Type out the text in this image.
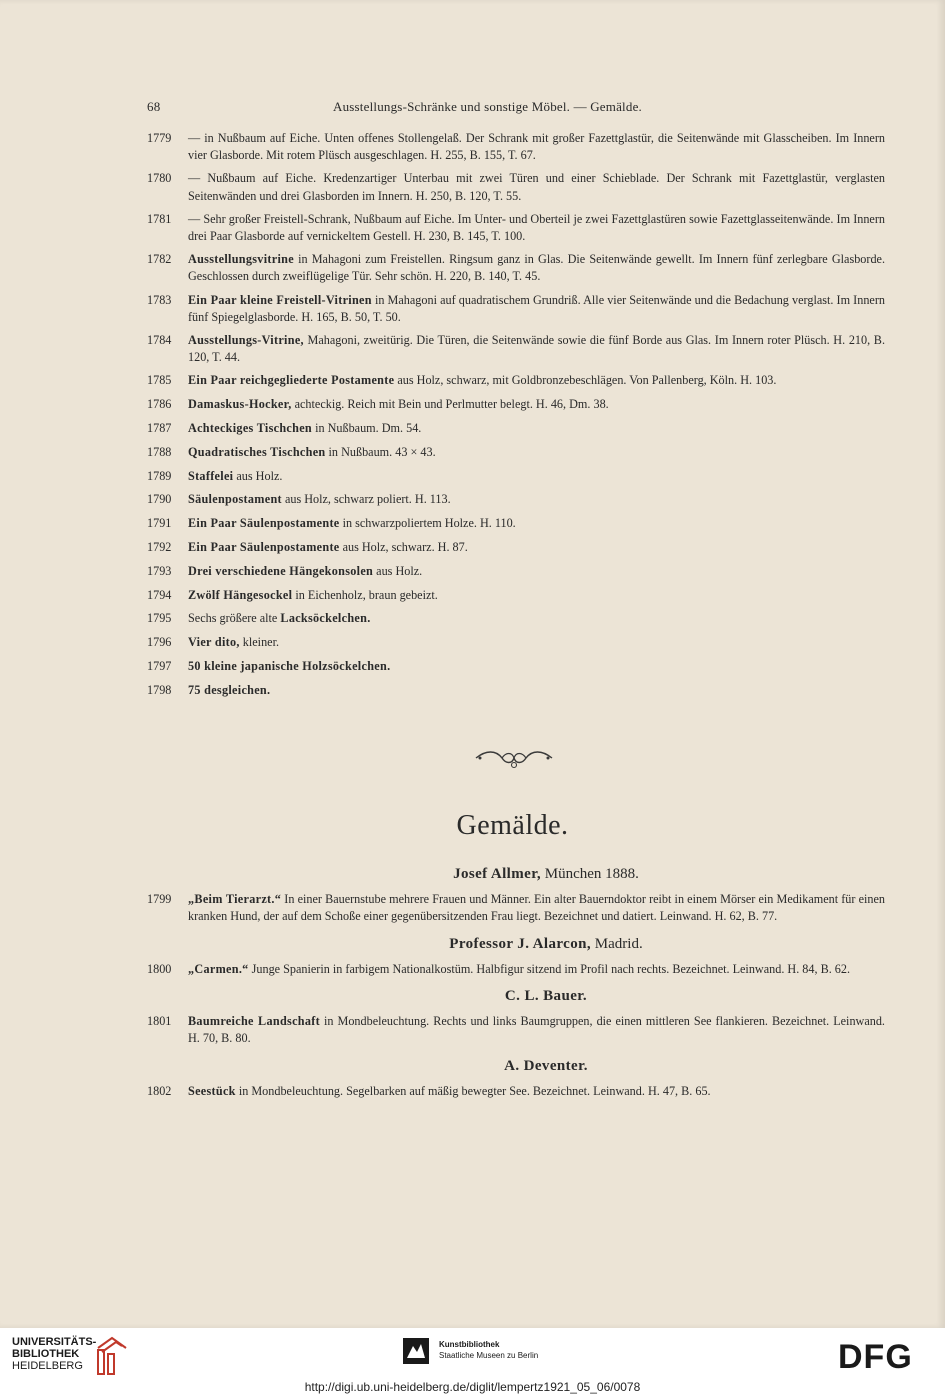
68	Ausstellungs-Schränke und sonstige Möbel. — Gemälde.
1779 — in Nußbaum auf Eiche. Unten offenes Stollengelaß. Der Schrank mit großer Fazettglastür, die Seitenwände mit Glasscheiben. Im Innern vier Glasborde. Mit rotem Plüsch ausgeschlagen. H. 255, B. 155, T. 67.
1780 — Nußbaum auf Eiche. Kredenzartiger Unterbau mit zwei Türen und einer Schieblade. Der Schrank mit Fazettglastür, verglasten Seitenwänden und drei Glasborden im Innern. H. 250, B. 120, T. 55.
1781 — Sehr großer Freistell-Schrank, Nußbaum auf Eiche. Im Unter- und Oberteil je zwei Fazettglastüren sowie Fazettglasseitenwände. Im Innern drei Paar Glasborde auf vernickeltem Gestell. H. 230, B. 145, T. 100.
1782 Ausstellungsvitrine in Mahagoni zum Freistellen. Ringsum ganz in Glas. Die Seitenwände gewellt. Im Innern fünf zerlegbare Glasborde. Geschlossen durch zweiflügelige Tür. Sehr schön. H. 220, B. 140, T. 45.
1783 Ein Paar kleine Freistell-Vitrinen in Mahagoni auf quadratischem Grundriß. Alle vier Seitenwände und die Bedachung verglast. Im Innern fünf Spiegelglasborde. H. 165, B. 50, T. 50.
1784 Ausstellungs-Vitrine, Mahagoni, zweitürig. Die Türen, die Seitenwände sowie die fünf Borde aus Glas. Im Innern roter Plüsch. H. 210, B. 120, T. 44.
1785 Ein Paar reichgegliederte Postamente aus Holz, schwarz, mit Goldbronzebeschlägen. Von Pallenberg, Köln. H. 103.
1786 Damaskus-Hocker, achteckig. Reich mit Bein und Perlmutter belegt. H. 46, Dm. 38.
1787 Achteckiges Tischchen in Nußbaum. Dm. 54.
1788 Quadratisches Tischchen in Nußbaum. 43 × 43.
1789 Staffelei aus Holz.
1790 Säulenpostament aus Holz, schwarz poliert. H. 113.
1791 Ein Paar Säulenpostamente in schwarzpoliertem Holze. H. 110.
1792 Ein Paar Säulenpostamente aus Holz, schwarz. H. 87.
1793 Drei verschiedene Hängekonsolen aus Holz.
1794 Zwölf Hängesockel in Eichenholz, braun gebeizt.
1795 Sechs größere alte Lacksöckelchen.
1796 Vier dito, kleiner.
1797 50 kleine japanische Holzsöckelchen.
1798 75 desgleichen.
Gemälde.
Josef Allmer, München 1888.
1799 „Beim Tierarzt.“ In einer Bauernstube mehrere Frauen und Männer. Ein alter Bauerndoktor reibt in einem Mörser ein Medikament für einen kranken Hund, der auf dem Schoße einer gegenübersitzenden Frau liegt. Bezeichnet und datiert. Leinwand. H. 62, B. 77.
Professor J. Alarcon, Madrid.
1800 „Carmen.“ Junge Spanierin in farbigem Nationalkostüm. Halbfigur sitzend im Profil nach rechts. Bezeichnet. Leinwand. H. 84, B. 62.
C. L. Bauer.
1801 Baumreiche Landschaft in Mondbeleuchtung. Rechts und links Baumgruppen, die einen mittleren See flankieren. Bezeichnet. Leinwand. H. 70, B. 80.
A. Deventer.
1802 Seestück in Mondbeleuchtung. Segelbarken auf mäßig bewegter See. Bezeichnet. Leinwand. H. 47, B. 65.
UNIVERSITÄTS-
BIBLIOTHEK
HEIDELBERG
Kunstbibliothek
Staatliche Museen zu Berlin	DFG
http://digi.ub.uni-heidelberg.de/diglit/lempertz1921_05_06/0078
